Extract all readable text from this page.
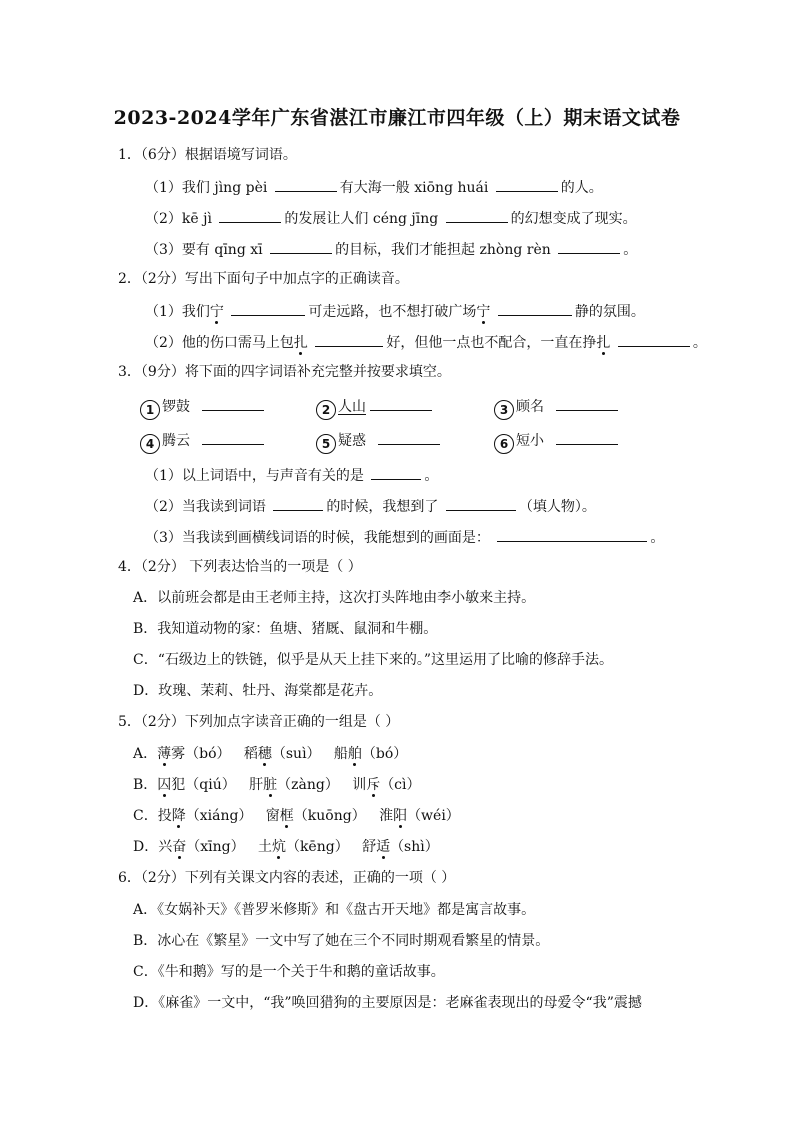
2023-2024学年广东省湛江市廉江市四年级（上）期末语文试卷
1．（6分）根据语境写词语。
（1）我们 jìng pèi	有大海一般 xiōng huái	的人。
（2）kē jì	的发展让人们 céng jīng	的幻想变成了现实。
（3）要有 qīng xī	的目标，我们才能担起 zhòng rèn	。
2．（2分）写出下面句子中加点字的正确读音。
（1）我们宁	可走远路，也不想打破广场宁	静的氛围。
（2）他的伤口需马上包扎	好，但他一点也不配合，一直在挣扎	。
3．（9分）将下面的四字词语补充完整并按要求填空。
1 锣鼓	2 人山	3 顾名
4 腾云	5 疑惑	6 短小
（1）以上词语中，与声音有关的是	。
（2）当我读到词语	的时候，我想到了	（填人物）。
（3）当我读到画横线词语的时候，我能想到的画面是：	。
4．（2分） 下列表达恰当的一项是（ ）
A．以前班会都是由王老师主持，这次打头阵地由李小敏来主持。
B．我知道动物的家：鱼塘、猪厩、鼠洞和牛棚。
C．“石级边上的铁链，似乎是从天上挂下来的。”这里运用了比喻的修辞手法。
D．玫瑰、茉莉、牡丹、海棠都是花卉。
5．（2分）下列加点字读音正确的一组是（ ）
A．薄雾（bó） 稻穗（suì） 船舶（bó）
B．囚犯（qiú） 肝脏（zàng） 训斥（cì）
C．投降（xiáng） 窗框（kuōng） 淮阳（wéi）
D．兴奋（xīng） 土炕（kēng） 舒适（shì）
6．（2分）下列有关课文内容的表述，正确的一项（ ）
A．《女娲补天》《普罗米修斯》和《盘古开天地》都是寓言故事。
B．冰心在《繁星》一文中写了她在三个不同时期观看繁星的情景。
C．《牛和鹅》写的是一个关于牛和鹅的童话故事。
D．《麻雀》一文中，“我”唤回猎狗的主要原因是：老麻雀表现出的母爱令“我”震撼
